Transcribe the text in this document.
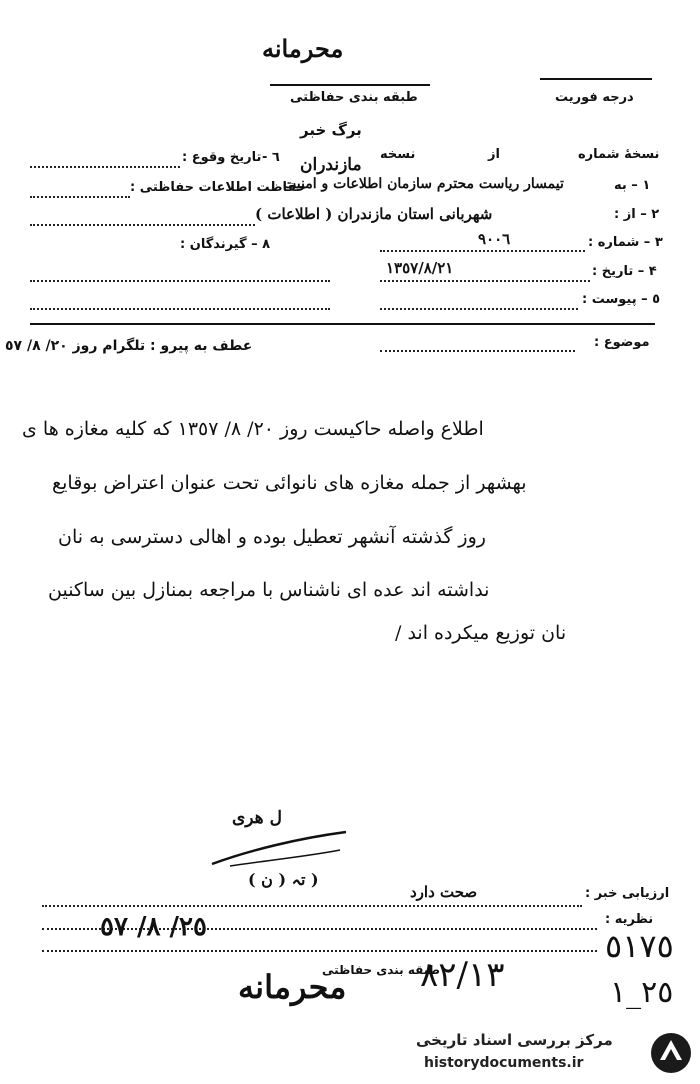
محرمانه
طبقه بندی حفاظتی	درجه فوریت
برگ خبر
نسخهٔ شماره
از
نسخه
تاریخ وقوع : ٦ - مازندران
١ – به
تیمسار ریاست محترم سازمان اطلاعات و امنیت
حفاظت اطلاعات حفاظتی :
٢ – از :
شهربانی استان مازندران ( اطلاعات )
٣ – شماره :
٩٠٠٦
٨ – گیرندگان :
۴ – تاریخ :
١٣٥٧/٨/٢١
٥ – پیوست :
موضوع :
عطف به پیرو : تلگرام روز ٢٠/ ٨/ ٥٧
اطلاع واصله حاکیست روز ٢٠/ ٨/ ١٣٥٧ که کلیه مغازه ها ی
بهشهر از جمله مغازه های نانوائی تحت عنوان اعتراض بوقایع
روز گذشته آنشهر تعطیل بوده و اهالی دسترسی به نان
نداشته اند عده ای ناشناس با مراجعه بمنازل بین ساکنین
نان توزیع میکرده اند /
ل هرى
( تہ ( ن )
ارزیابی خبر :
صحت دارد
نظریه :
٢٥/ ٨/ ٥٧
طبقه بندی حفاظتی
محرمانه ٨٢/١٣
٥١٧٥
٢٥_١
مرکز بررسی اسناد تاریخی
historydocuments.ir
